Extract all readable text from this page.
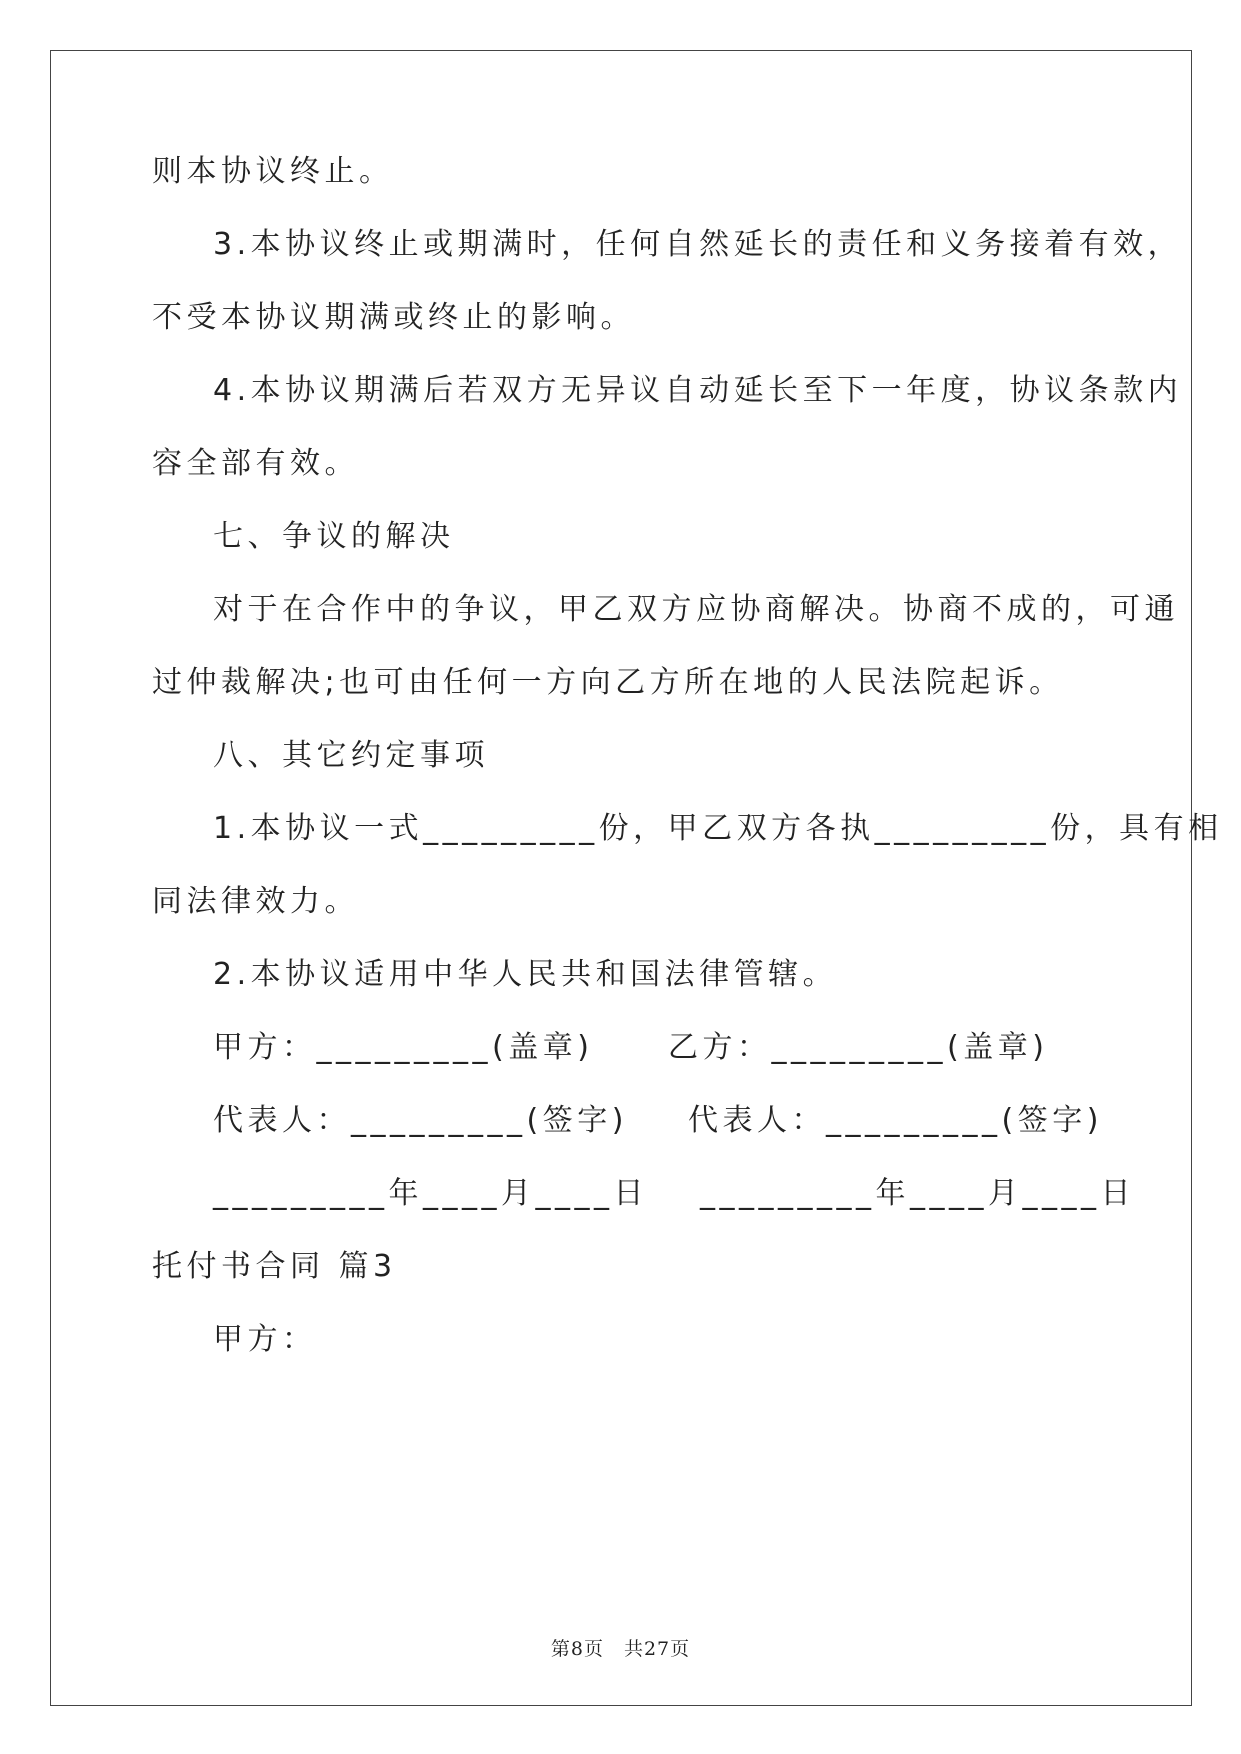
则本协议终止。
3.本协议终止或期满时，任何自然延长的责任和义务接着有效，
不受本协议期满或终止的影响。
4.本协议期满后若双方无异议自动延长至下一年度，协议条款内
容全部有效。
七、争议的解决
对于在合作中的争议，甲乙双方应协商解决。协商不成的，可通
过仲裁解决;也可由任何一方向乙方所在地的人民法院起诉。
八、其它约定事项
1.本协议一式_________份，甲乙双方各执_________份，具有相
同法律效力。
2.本协议适用中华人民共和国法律管辖。
甲方：_________(盖章) 乙方：_________(盖章)
代表人：_________(签字) 代表人：_________(签字)
_________年____月____日 _________年____月____日
托付书合同 篇3
甲方：
第8页　共27页
